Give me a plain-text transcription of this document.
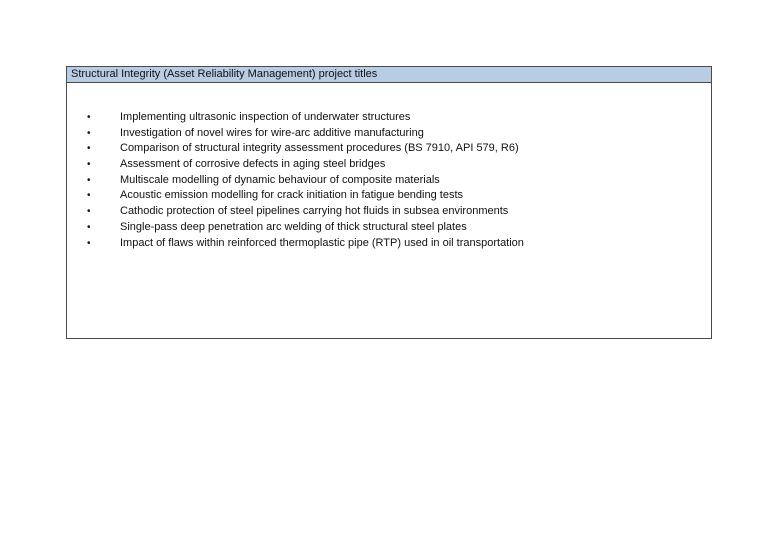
Structural Integrity (Asset Reliability Management) project titles
•	Implementing ultrasonic inspection of underwater structures
•	Investigation of novel wires for wire-arc additive manufacturing
•	Comparison of structural integrity assessment procedures (BS 7910, API 579, R6)
•	Assessment of corrosive defects in aging steel bridges
•	Multiscale modelling of dynamic behaviour of composite materials
•	Acoustic emission modelling for crack initiation in fatigue bending tests
•	Cathodic protection of steel pipelines carrying hot fluids in subsea environments
•	Single-pass deep penetration arc welding of thick structural steel plates
•	Impact of flaws within reinforced thermoplastic pipe (RTP) used in oil transportation
